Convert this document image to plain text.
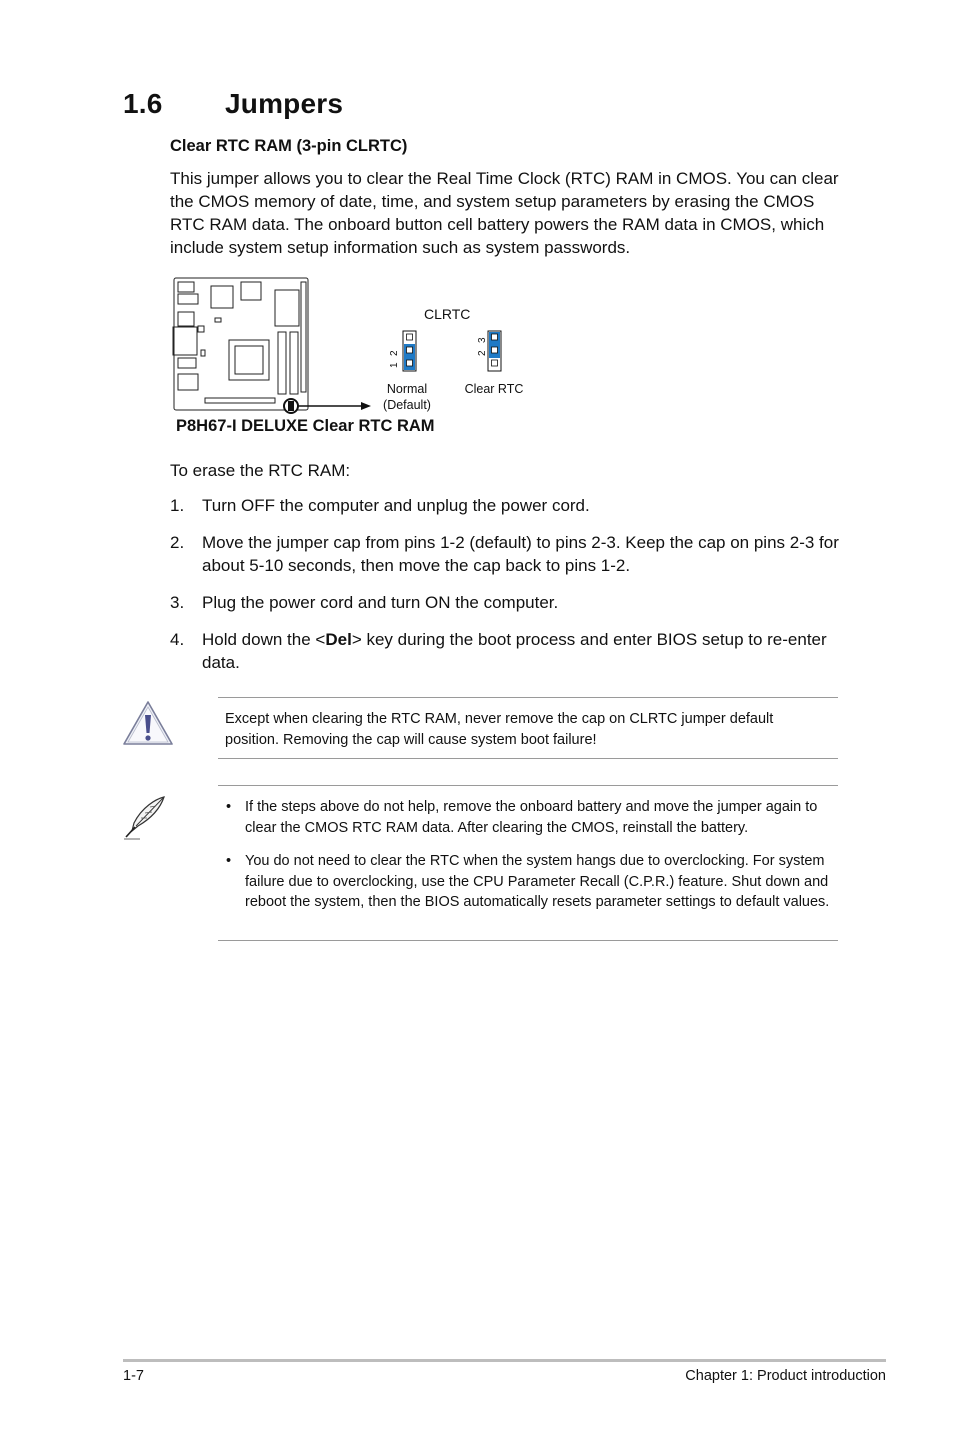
1.6 Jumpers
Clear RTC RAM (3-pin CLRTC)
This jumper allows you to clear the Real Time Clock (RTC) RAM in CMOS. You can clear the CMOS memory of date, time, and system setup parameters by erasing the CMOS RTC RAM data. The onboard button cell battery powers the RAM data in CMOS, which include system setup information such as system passwords.
CLRTC
1
2
Normal
(Default)
2
3
Clear RTC
P8H67-I DELUXE Clear RTC RAM
To erase the RTC RAM:
1. Turn OFF the computer and unplug the power cord.
2. Move the jumper cap from pins 1-2 (default) to pins 2-3. Keep the cap on pins 2-3 for about 5-10 seconds, then move the cap back to pins 1-2.
3. Plug the power cord and turn ON the computer.
4. Hold down the <Del> key during the boot process and enter BIOS setup to re-enter data.
Except when clearing the RTC RAM, never remove the cap on CLRTC jumper default position. Removing the cap will cause system boot failure!
• If the steps above do not help, remove the onboard battery and move the jumper again to clear the CMOS RTC RAM data. After clearing the CMOS, reinstall the battery.
• You do not need to clear the RTC when the system hangs due to overclocking. For system failure due to overclocking, use the CPU Parameter Recall (C.P.R.) feature. Shut down and reboot the system, then the BIOS automatically resets parameter settings to default values.
1-7	Chapter 1: Product introduction
